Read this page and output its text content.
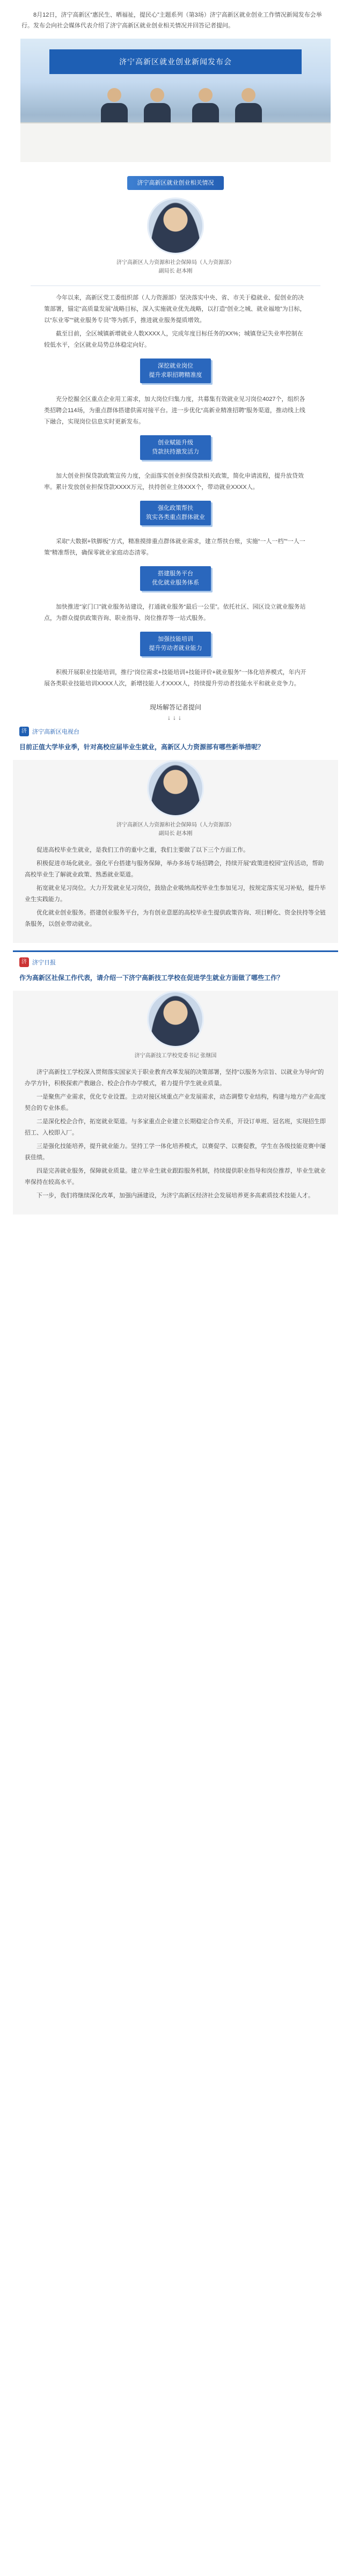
8月12日，济宁高新区“惠民生、晒福祉，提民心”主题系列（第3场）济宁高新区就业创业工作情况新闻发布会举行。发布会向社会媒体代表介绍了济宁高新区就业创业相关情况并回答记者提问。

济宁高新区就业创业新闻发布会
济宁高新区就业创业相关情况
济宁高新区人力资源和社会保障局（人力资源部）
副局长 赵本刚

今年以来，高新区党工委组织部（人力资源部）坚决落实中央、省、市关于稳就业、促创业的决策部署，锚定“高质量发展”战略目标，深入实施就业优先战略，以打造“创业之城、就业福地”为目标，以“东业零”“就业服务专员”等为抓手，推进就业服务提质增效。

截至目前，全区城镇新增就业人数XXXX人，完成年度目标任务的XX%；城镇登记失业率控制在较低水平，全区就业局势总体稳定向好。

深挖就业岗位
提升求职招聘精准度

充分挖掘全区重点企业用工需求，加大岗位归集力度，共募集有效就业见习岗位4027个，组织各类招聘会114场，为重点群体搭建供需对接平台。进一步优化“高新业精准招聘”服务渠道，推动线上线下融合，实现岗位信息实时更新发布。

创业赋能升级
贷款扶持激发活力

加大创业担保贷款政策宣传力度，全面落实创业担保贷款相关政策，简化申请流程，提升放贷效率。累计发放创业担保贷款XXXX万元，扶持创业主体XXX个，带动就业XXXX人。

强化政策帮扶
筑实各类重点群体就业

采取“大数据+铁脚板”方式，精准摸排重点群体就业需求，建立帮扶台账，实施“一人一档”“一人一策”精准帮扶，确保零就业家庭动态清零。

搭建服务平台
优化就业服务体系

加快推进“家门口”就业服务站建设，打通就业服务“最后一公里”。依托社区、园区设立就业服务站点，为群众提供政策咨询、职业指导、岗位推荐等一站式服务。

加强技能培训
提升劳动者就业能力

积极开展职业技能培训，推行“岗位需求+技能培训+技能评价+就业服务”一体化培养模式，年内开展各类职业技能培训XXXX人次，新增技能人才XXXX人，持续提升劳动者技能水平和就业竞争力。

现场解答记者提问
↓↓↓
济 济宁高新区电视台
目前正值大学毕业季，针对高校应届毕业生就业，高新区人力资源部有哪些新举措呢？
济宁高新区人力资源和社会保障局（人力资源部）
副局长 赵本刚

促进高校毕业生就业，是我们工作的重中之重，我们主要做了以下三个方面工作。

积极促进市场化就业。强化平台搭建与服务保障，举办多场专场招聘会，持续开展“政策进校园”宣传活动，帮助高校毕业生了解就业政策、熟悉就业渠道。

拓宽就业见习岗位。大力开发就业见习岗位，鼓励企业吸纳高校毕业生参加见习，按规定落实见习补贴，提升毕业生实践能力。

优化就业创业服务。搭建创业服务平台，为有创业意愿的高校毕业生提供政策咨询、项目孵化、资金扶持等全链条服务，以创业带动就业。

济 济宁日报
作为高新区社保工作代表，请介绍一下济宁高新技工学校在促进学生就业方面做了哪些工作？
济宁高新技工学校党委书记 张继国

济宁高新技工学校深入贯彻落实国家关于职业教育改革发展的决策部署，坚持“以服务为宗旨、以就业为导向”的办学方针，积极探索产教融合、校企合作办学模式，着力提升学生就业质量。

一是聚焦产业需求，优化专业设置。主动对接区域重点产业发展需求，动态调整专业结构，构建与地方产业高度契合的专业体系。

二是深化校企合作，拓宽就业渠道。与多家重点企业建立长期稳定合作关系，开设订单班、冠名班，实现招生即招工、入校即入厂。

三是强化技能培养，提升就业能力。坚持工学一体化培养模式，以赛促学、以赛促教，学生在各级技能竞赛中屡获佳绩。

四是完善就业服务，保障就业质量。建立毕业生就业跟踪服务机制，持续提供职业指导和岗位推荐，毕业生就业率保持在较高水平。

下一步，我们将继续深化改革，加强内涵建设，为济宁高新区经济社会发展培养更多高素质技术技能人才。
